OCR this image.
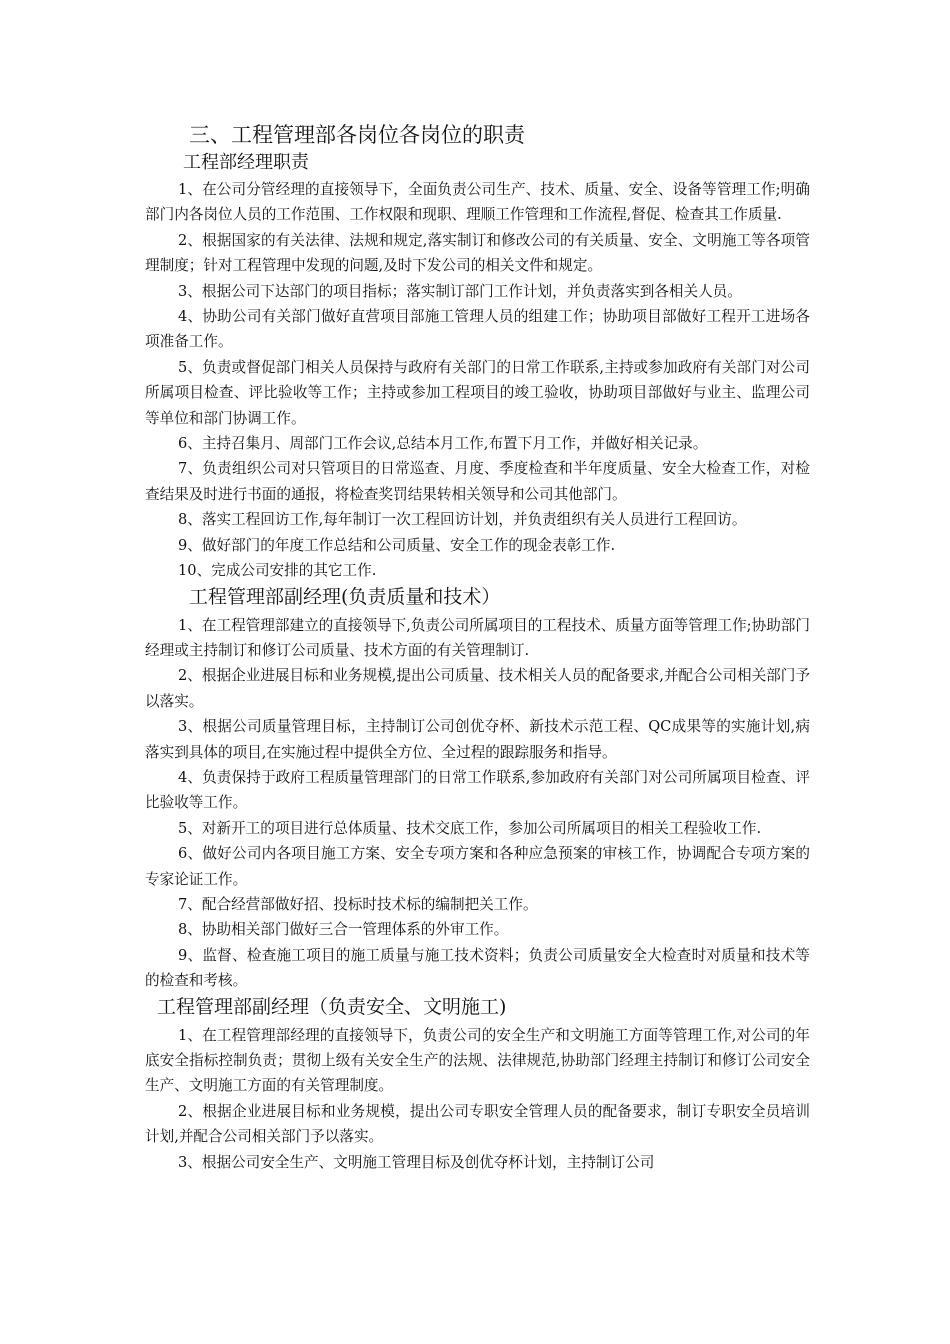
三、工程管理部各岗位各岗位的职责
工程部经理职责

1、在公司分管经理的直接领导下，全面负责公司生产、技术、质量、安全、设备等管理工作;明确部门内各岗位人员的工作范围、工作权限和现职、理顺工作管理和工作流程,督促、检查其工作质量.

2、根据国家的有关法律、法规和规定,落实制订和修改公司的有关质量、安全、文明施工等各项管理制度；针对工程管理中发现的问题,及时下发公司的相关文件和规定。

3、根据公司下达部门的项目指标；落实制订部门工作计划，并负责落实到各相关人员。

4、协助公司有关部门做好直营项目部施工管理人员的组建工作；协助项目部做好工程开工进场各项准备工作。

5、负责或督促部门相关人员保持与政府有关部门的日常工作联系,主持或参加政府有关部门对公司所属项目检查、评比验收等工作；主持或参加工程项目的竣工验收，协助项目部做好与业主、监理公司等单位和部门协调工作。

6、主持召集月、周部门工作会议,总结本月工作,布置下月工作，并做好相关记录。

7、负责组织公司对只管项目的日常巡查、月度、季度检查和半年度质量、安全大检查工作，对检查结果及时进行书面的通报，将检查奖罚结果转相关领导和公司其他部门。

8、落实工程回访工作,每年制订一次工程回访计划，并负责组织有关人员进行工程回访。

9、做好部门的年度工作总结和公司质量、安全工作的现金表彰工作.

10、完成公司安排的其它工作.

工程管理部副经理(负责质量和技术）

1、在工程管理部建立的直接领导下,负责公司所属项目的工程技术、质量方面等管理工作;协助部门经理或主持制订和修订公司质量、技术方面的有关管理制订.

2、根据企业进展目标和业务规模,提出公司质量、技术相关人员的配备要求,并配合公司相关部门予以落实。

3、根据公司质量管理目标，主持制订公司创优夺杯、新技术示范工程、QC成果等的实施计划,病落实到具体的项目,在实施过程中提供全方位、全过程的跟踪服务和指导。

4、负责保持于政府工程质量管理部门的日常工作联系,参加政府有关部门对公司所属项目检查、评比验收等工作。

5、对新开工的项目进行总体质量、技术交底工作，参加公司所属项目的相关工程验收工作.

6、做好公司内各项目施工方案、安全专项方案和各种应急预案的审核工作，协调配合专项方案的专家论证工作。

7、配合经营部做好招、投标时技术标的编制把关工作。

8、协助相关部门做好三合一管理体系的外审工作。

9、监督、检查施工项目的施工质量与施工技术资料；负责公司质量安全大检查时对质量和技术等的检查和考核。

工程管理部副经理（负责安全、文明施工)

1、在工程管理部经理的直接领导下，负责公司的安全生产和文明施工方面等管理工作,对公司的年底安全指标控制负责；贯彻上级有关安全生产的法规、法律规范,协助部门经理主持制订和修订公司安全生产、文明施工方面的有关管理制度。

2、根据企业进展目标和业务规模，提出公司专职安全管理人员的配备要求，制订专职安全员培训计划,并配合公司相关部门予以落实。

3、根据公司安全生产、文明施工管理目标及创优夺杯计划，主持制订公司
